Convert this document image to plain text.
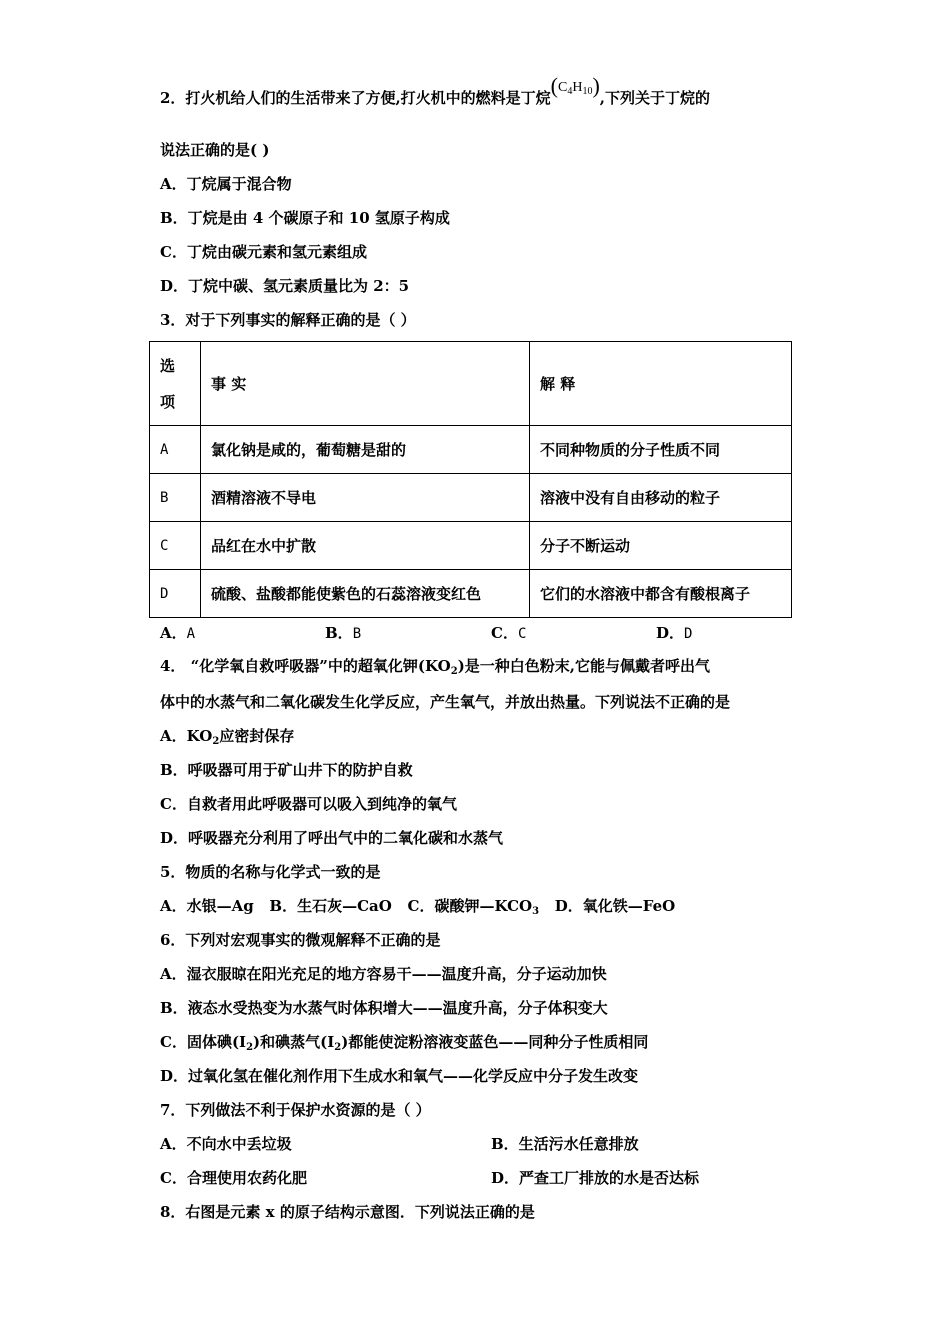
2．打火机给人们的生活带来了方便,打火机中的燃料是丁烷$(C_4H_{10})$,下列关于丁烷的
说法正确的是( )
A．丁烷属于混合物
B．丁烷是由 4 个碳原子和 10 氢原子构成
C．丁烷由碳元素和氢元素组成
D．丁烷中碳、氢元素质量比为 2：5
3．对于下列事实的解释正确的是（ ）
选
项	事 实	解 释
A	氯化钠是咸的，葡萄糖是甜的	不同种物质的分子性质不同
B	酒精溶液不导电	溶液中没有自由移动的粒子
C	品红在水中扩散	分子不断运动
D	硫酸、盐酸都能使紫色的石蕊溶液变红色	它们的水溶液中都含有酸根离子
A．A	B．B	C．C	D．D
4． “化学氧自救呼吸器”中的超氧化钾$(KO_2)$是一种白色粉末,它能与佩戴者呼出气
体中的水蒸气和二氧化碳发生化学反应，产生氧气，并放出热量。下列说法不正确的是
A．$KO_2$应密封保存
B．呼吸器可用于矿山井下的防护自救
C．自救者用此呼吸器可以吸入到纯净的氧气
D．呼吸器充分利用了呼出气中的二氧化碳和水蒸气
5．物质的名称与化学式一致的是
A．水银—Ag   B．生石灰—CaO   C．碳酸钾$—KCO_3$   D．氧化铁—FeO
6．下列对宏观事实的微观解释不正确的是
A．湿衣服晾在阳光充足的地方容易干——温度升高，分子运动加快
B．液态水受热变为水蒸气时体积增大——温度升高，分子体积变大
C．固体碘$(I_2)$和碘蒸气$(I_2)$都能使淀粉溶液变蓝色——同种分子性质相同
D．过氧化氢在催化剂作用下生成水和氧气——化学反应中分子发生改变
7．下列做法不利于保护水资源的是（ ）
A．不向水中丢垃圾	B．生活污水任意排放
C．合理使用农药化肥	D．严查工厂排放的水是否达标
8．右图是元素 x 的原子结构示意图．下列说法正确的是
